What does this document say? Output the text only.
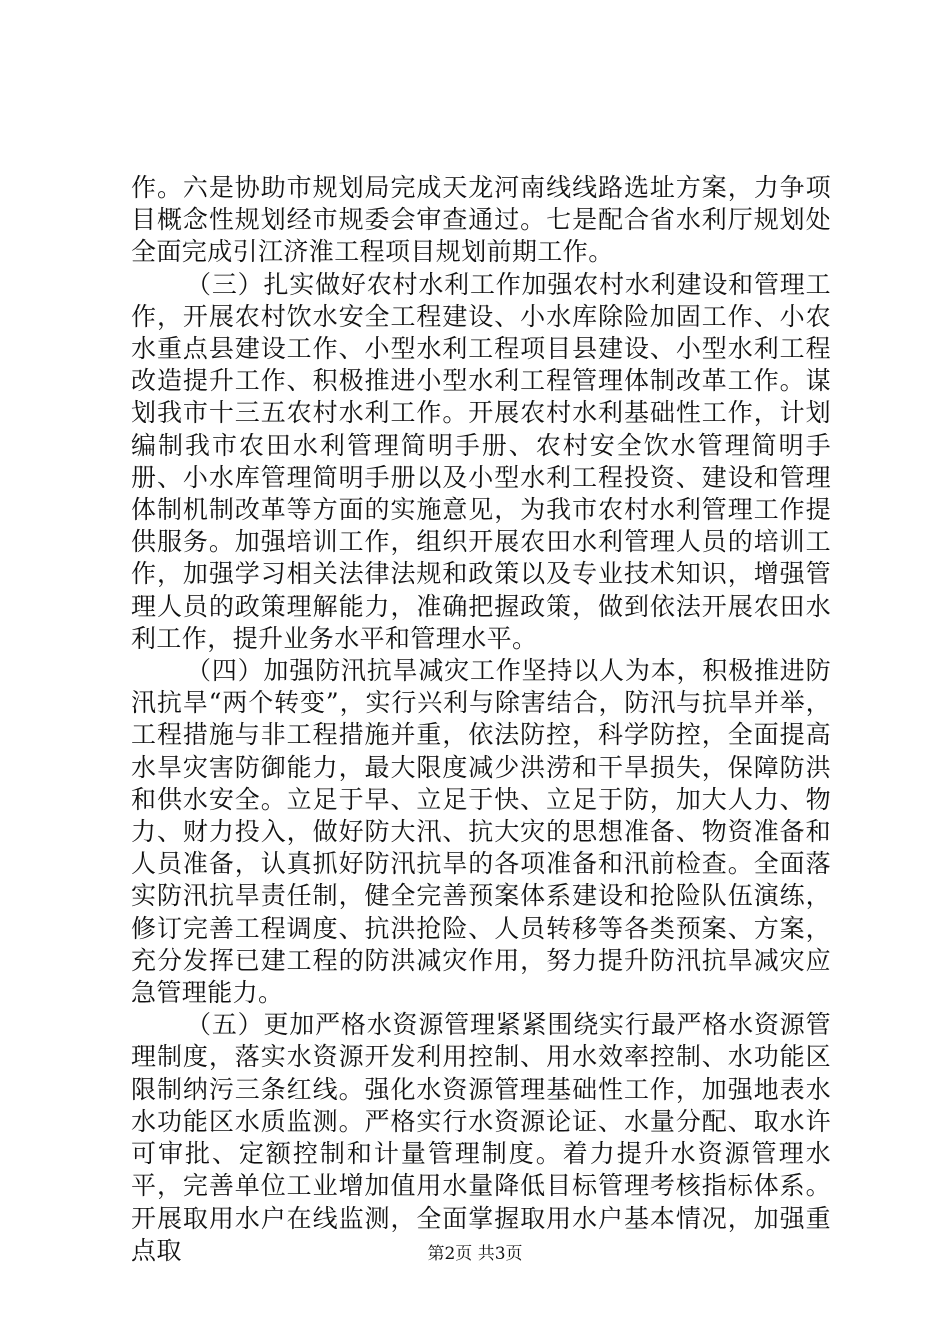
作。六是协助市规划局完成天龙河南线线路选址方案，力争项目概念性规划经市规委会审查通过。七是配合省水利厅规划处全面完成引江济淮工程项目规划前期工作。

（三）扎实做好农村水利工作加强农村水利建设和管理工作，开展农村饮水安全工程建设、小水库除险加固工作、小农水重点县建设工作、小型水利工程项目县建设、小型水利工程改造提升工作、积极推进小型水利工程管理体制改革工作。谋划我市十三五农村水利工作。开展农村水利基础性工作，计划编制我市农田水利管理简明手册、农村安全饮水管理简明手册、小水库管理简明手册以及小型水利工程投资、建设和管理体制机制改革等方面的实施意见，为我市农村水利管理工作提供服务。加强培训工作，组织开展农田水利管理人员的培训工作，加强学习相关法律法规和政策以及专业技术知识，增强管理人员的政策理解能力，准确把握政策，做到依法开展农田水利工作，提升业务水平和管理水平。

（四）加强防汛抗旱减灾工作坚持以人为本，积极推进防汛抗旱“两个转变”，实行兴利与除害结合，防汛与抗旱并举，工程措施与非工程措施并重，依法防控，科学防控，全面提高水旱灾害防御能力，最大限度减少洪涝和干旱损失，保障防洪和供水安全。立足于早、立足于快、立足于防，加大人力、物力、财力投入，做好防大汛、抗大灾的思想准备、物资准备和人员准备，认真抓好防汛抗旱的各项准备和汛前检查。全面落实防汛抗旱责任制，健全完善预案体系建设和抢险队伍演练，修订完善工程调度、抗洪抢险、人员转移等各类预案、方案，充分发挥已建工程的防洪减灾作用，努力提升防汛抗旱减灾应急管理能力。

（五）更加严格水资源管理紧紧围绕实行最严格水资源管理制度，落实水资源开发利用控制、用水效率控制、水功能区限制纳污三条红线。强化水资源管理基础性工作，加强地表水水功能区水质监测。严格实行水资源论证、水量分配、取水许可审批、定额控制和计量管理制度。着力提升水资源管理水平，完善单位工业增加值用水量降低目标管理考核指标体系。开展取用水户在线监测，全面掌握取用水户基本情况，加强重点取	第2页 共3页
